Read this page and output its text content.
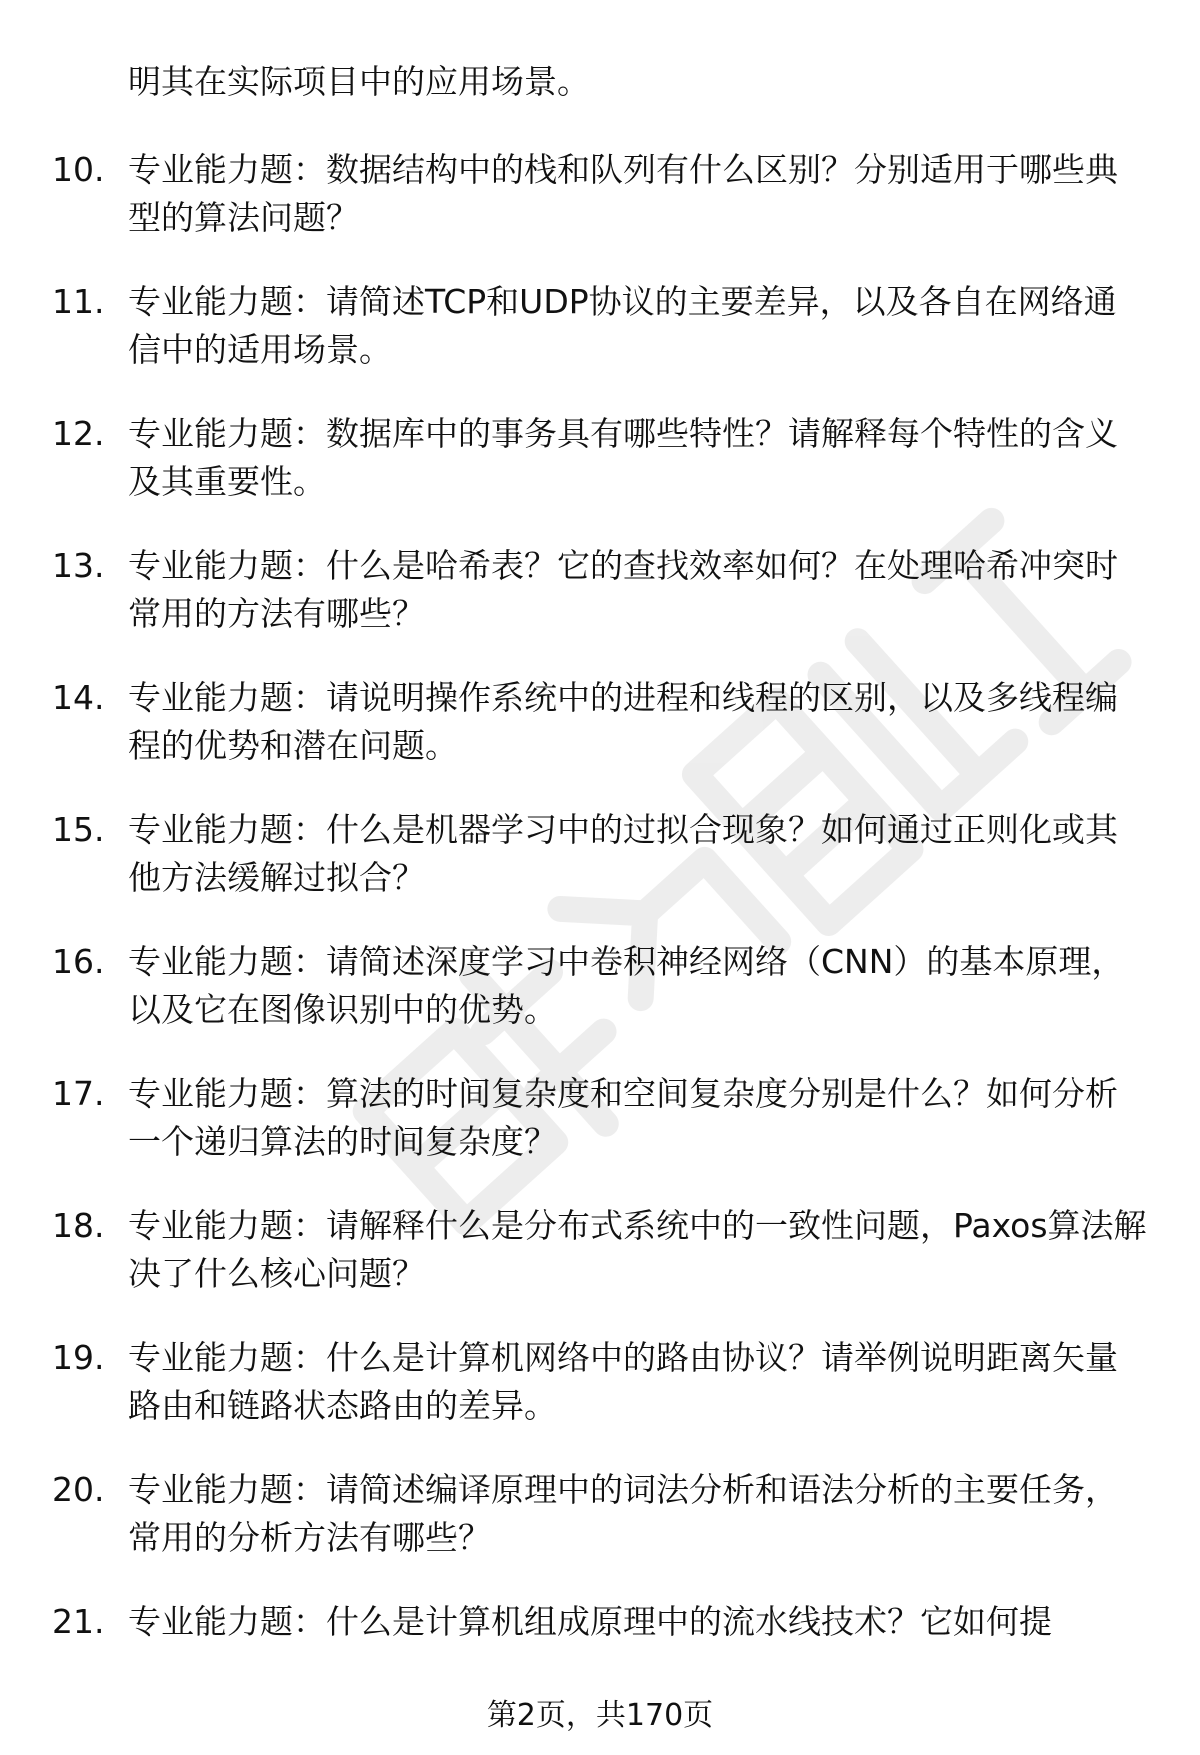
明其在实际项目中的应用场景。
10. 专业能力题：数据结构中的栈和队列有什么区别？分别适用于哪些典型的算法问题？
11. 专业能力题：请简述TCP和UDP协议的主要差异，以及各自在网络通信中的适用场景。
12. 专业能力题：数据库中的事务具有哪些特性？请解释每个特性的含义及其重要性。
13. 专业能力题：什么是哈希表？它的查找效率如何？在处理哈希冲突时常用的方法有哪些？
14. 专业能力题：请说明操作系统中的进程和线程的区别，以及多线程编程的优势和潜在问题。
15. 专业能力题：什么是机器学习中的过拟合现象？如何通过正则化或其他方法缓解过拟合？
16. 专业能力题：请简述深度学习中卷积神经网络（CNN）的基本原理，以及它在图像识别中的优势。
17. 专业能力题：算法的时间复杂度和空间复杂度分别是什么？如何分析一个递归算法的时间复杂度？
18. 专业能力题：请解释什么是分布式系统中的一致性问题，Paxos算法解决了什么核心问题？
19. 专业能力题：什么是计算机网络中的路由协议？请举例说明距离矢量路由和链路状态路由的差异。
20. 专业能力题：请简述编译原理中的词法分析和语法分析的主要任务，常用的分析方法有哪些？
21. 专业能力题：什么是计算机组成原理中的流水线技术？它如何提
第2页，共170页
